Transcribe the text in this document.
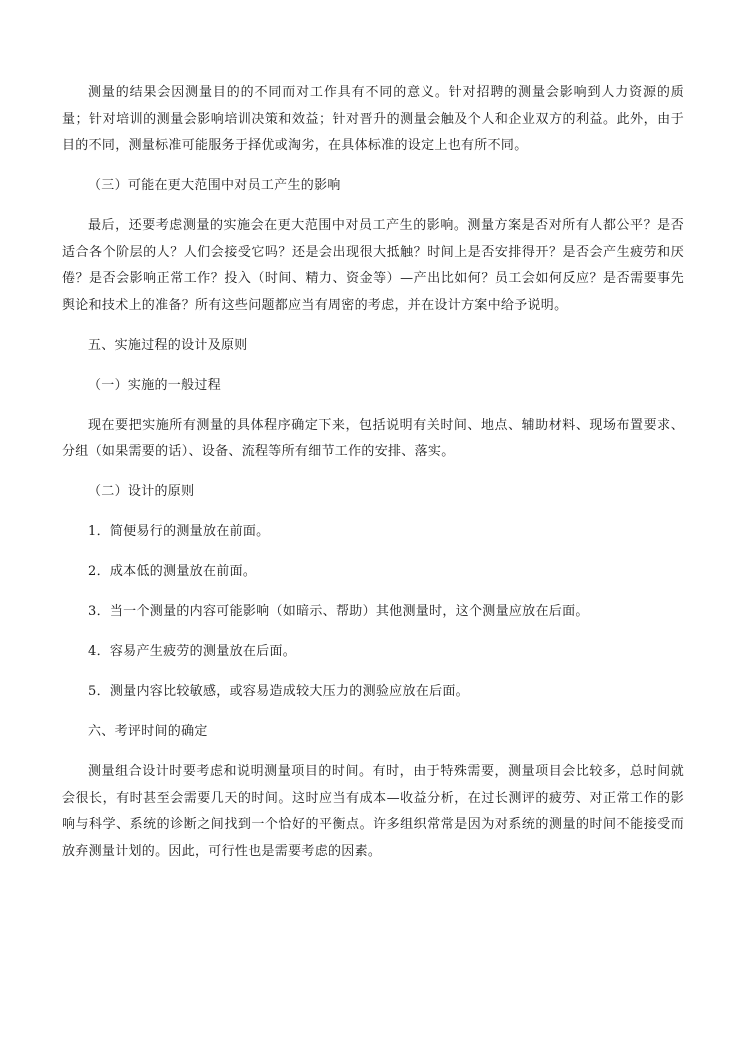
测量的结果会因测量目的的不同而对工作具有不同的意义。针对招聘的测量会影响到人力资源的质量；针对培训的测量会影响培训决策和效益；针对晋升的测量会触及个人和企业双方的利益。此外，由于目的不同，测量标准可能服务于择优或淘劣，在具体标准的设定上也有所不同。

（三）可能在更大范围中对员工产生的影响

最后，还要考虑测量的实施会在更大范围中对员工产生的影响。测量方案是否对所有人都公平？是否适合各个阶层的人？人们会接受它吗？还是会出现很大抵触？时间上是否安排得开？是否会产生疲劳和厌倦？是否会影响正常工作？投入（时间、精力、资金等）—产出比如何？员工会如何反应？是否需要事先舆论和技术上的准备？所有这些问题都应当有周密的考虑，并在设计方案中给予说明。

五、实施过程的设计及原则

（一）实施的一般过程

现在要把实施所有测量的具体程序确定下来，包括说明有关时间、地点、辅助材料、现场布置要求、分组（如果需要的话）、设备、流程等所有细节工作的安排、落实。

（二）设计的原则

1．简便易行的测量放在前面。

2．成本低的测量放在前面。

3．当一个测量的内容可能影响（如暗示、帮助）其他测量时，这个测量应放在后面。

4．容易产生疲劳的测量放在后面。

5．测量内容比较敏感，或容易造成较大压力的测验应放在后面。

六、考评时间的确定

测量组合设计时要考虑和说明测量项目的时间。有时，由于特殊需要，测量项目会比较多，总时间就会很长，有时甚至会需要几天的时间。这时应当有成本—收益分析，在过长测评的疲劳、对正常工作的影响与科学、系统的诊断之间找到一个恰好的平衡点。许多组织常常是因为对系统的测量的时间不能接受而放弃测量计划的。因此，可行性也是需要考虑的因素。
